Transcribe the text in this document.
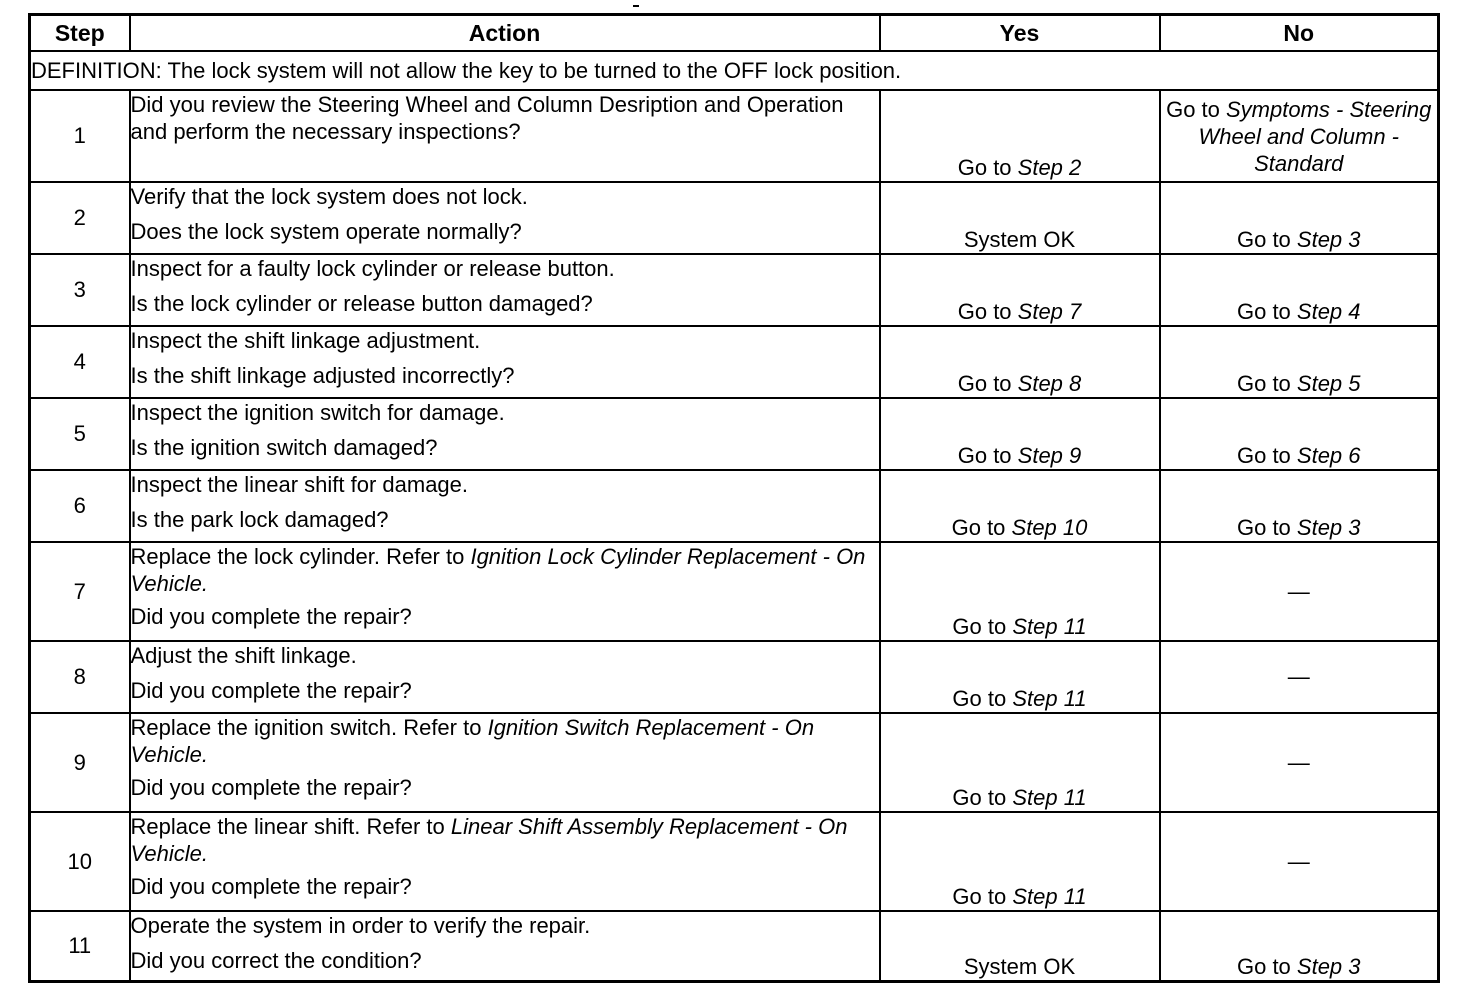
Step	Action	Yes	No
DEFINITION: The lock system will not allow the key to be turned to the OFF lock position.			
1	Did you review the Steering Wheel and Column Desription and Operation and perform the necessary inspections?	Go to Step 2	Go to Symptoms - Steering Wheel and Column - Standard
2	Verify that the lock system does not lock.
Does the lock system operate normally?	System OK	Go to Step 3
3	Inspect for a faulty lock cylinder or release button.
Is the lock cylinder or release button damaged?	Go to Step 7	Go to Step 4
4	Inspect the shift linkage adjustment.
Is the shift linkage adjusted incorrectly?	Go to Step 8	Go to Step 5
5	Inspect the ignition switch for damage.
Is the ignition switch damaged?	Go to Step 9	Go to Step 6
6	Inspect the linear shift for damage.
Is the park lock damaged?	Go to Step 10	Go to Step 3
7	Replace the lock cylinder. Refer to Ignition Lock Cylinder Replacement - On Vehicle.
Did you complete the repair?	Go to Step 11	—
8	Adjust the shift linkage.
Did you complete the repair?	Go to Step 11	—
9	Replace the ignition switch. Refer to Ignition Switch Replacement - On Vehicle.
Did you complete the repair?	Go to Step 11	—
10	Replace the linear shift. Refer to Linear Shift Assembly Replacement - On Vehicle.
Did you complete the repair?	Go to Step 11	—
11	Operate the system in order to verify the repair.
Did you correct the condition?	System OK	Go to Step 3
